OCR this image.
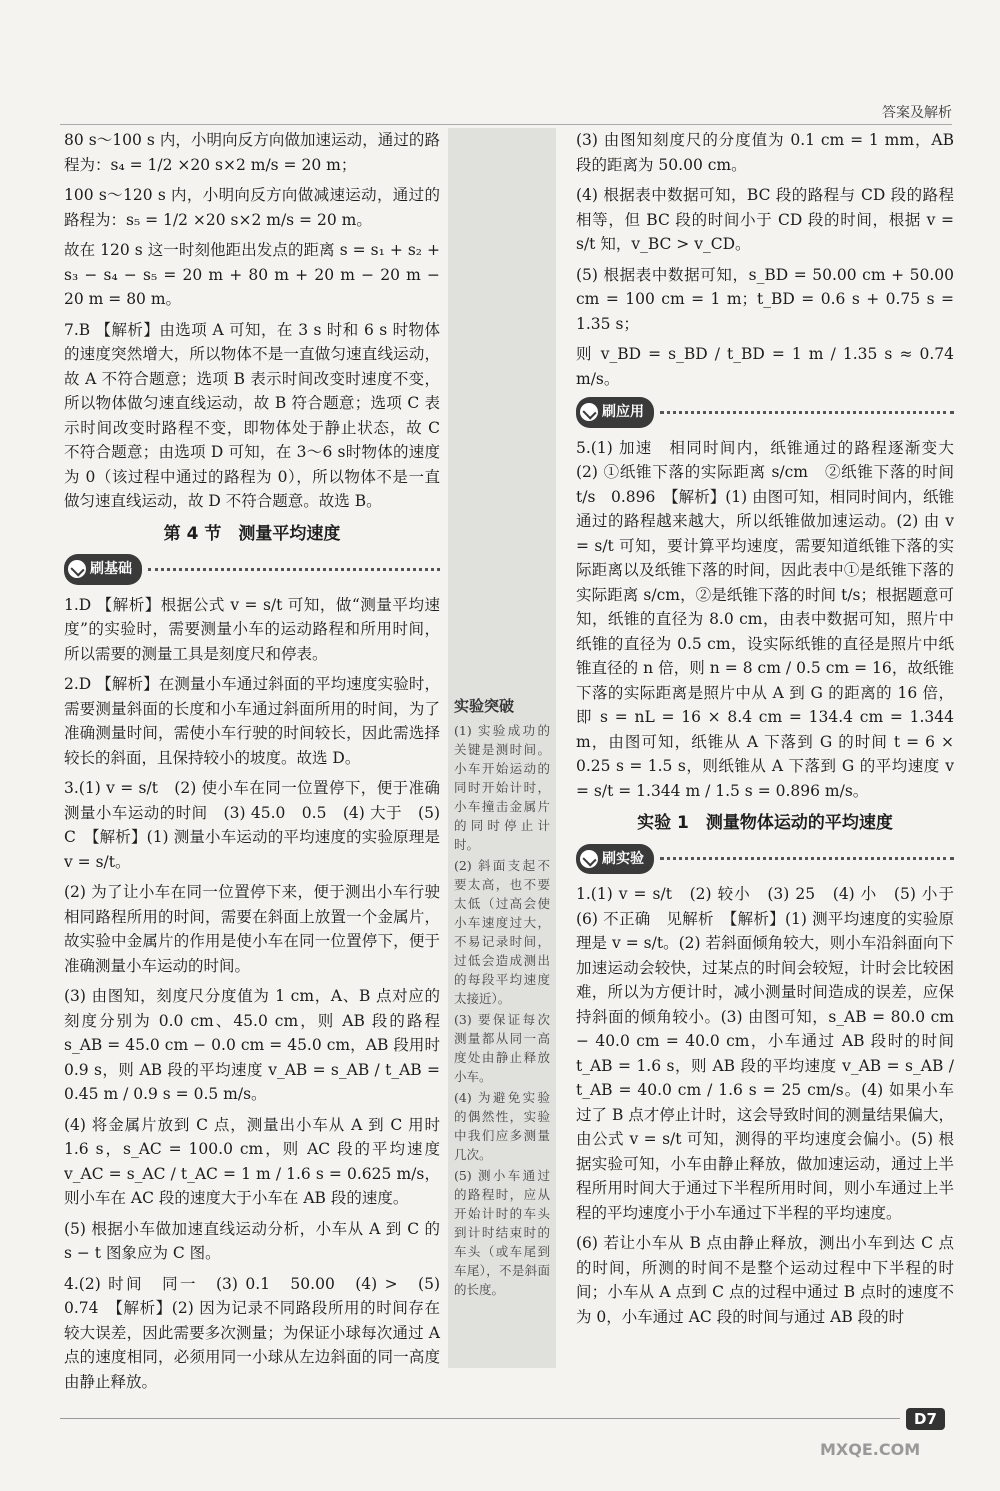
答案及解析

80 s～100 s 内，小明向反方向做加速运动，通过的路程为：s₄ = 1/2 ×20 s×2 m/s = 20 m；

100 s～120 s 内，小明向反方向做减速运动，通过的路程为：s₅ = 1/2 ×20 s×2 m/s = 20 m。

故在 120 s 这一时刻他距出发点的距离 s = s₁ + s₂ + s₃ − s₄ − s₅ = 20 m + 80 m + 20 m − 20 m − 20 m = 80 m。

7.B 【解析】由选项 A 可知，在 3 s 时和 6 s 时物体的速度突然增大，所以物体不是一直做匀速直线运动，故 A 不符合题意；选项 B 表示时间改变时速度不变，所以物体做匀速直线运动，故 B 符合题意；选项 C 表示时间改变时路程不变，即物体处于静止状态，故 C 不符合题意；由选项 D 可知，在 3～6 s时物体的速度为 0（该过程中通过的路程为 0），所以物体不是一直做匀速直线运动，故 D 不符合题意。故选 B。

第 4 节　测量平均速度
刷基础

1.D 【解析】根据公式 v = s/t 可知，做“测量平均速度”的实验时，需要测量小车的运动路程和所用时间，所以需要的测量工具是刻度尺和停表。

2.D 【解析】在测量小车通过斜面的平均速度实验时，需要测量斜面的长度和小车通过斜面所用的时间，为了准确测量时间，需使小车行驶的时间较长，因此需选择较长的斜面，且保持较小的坡度。故选 D。

3.(1) v = s/t　(2) 使小车在同一位置停下，便于准确测量小车运动的时间　(3) 45.0　0.5　(4) 大于　(5) C　【解析】(1) 测量小车运动的平均速度的实验原理是 v = s/t。

(2) 为了让小车在同一位置停下来，便于测出小车行驶相同路程所用的时间，需要在斜面上放置一个金属片，故实验中金属片的作用是使小车在同一位置停下，便于准确测量小车运动的时间。

(3) 由图知，刻度尺分度值为 1 cm，A、B 点对应的刻度分别为 0.0 cm、45.0 cm，则 AB 段的路程 s_AB = 45.0 cm − 0.0 cm = 45.0 cm，AB 段用时 0.9 s，则 AB 段的平均速度 v_AB = s_AB / t_AB = 0.45 m / 0.9 s = 0.5 m/s。

(4) 将金属片放到 C 点，测量出小车从 A 到 C 用时 1.6 s，s_AC = 100.0 cm，则 AC 段的平均速度 v_AC = s_AC / t_AC = 1 m / 1.6 s = 0.625 m/s，则小车在 AC 段的速度大于小车在 AB 段的速度。

(5) 根据小车做加速直线运动分析，小车从 A 到 C 的 s − t 图象应为 C 图。

4.(2) 时间　同一　(3) 0.1　50.00　(4) >　(5) 0.74　【解析】(2) 因为记录不同路段所用的时间存在较大误差，因此需要多次测量；为保证小球每次通过 A 点的速度相同，必须用同一小球从左边斜面的同一高度由静止释放。

实验突破

(1) 实验成功的关键是测时间。小车开始运动的同时开始计时，小车撞击金属片的同时停止计时。

(2) 斜面支起不要太高，也不要太低（过高会使小车速度过大，不易记录时间，过低会造成测出的每段平均速度太接近）。

(3) 要保证每次测量都从同一高度处由静止释放小车。

(4) 为避免实验的偶然性，实验中我们应多测量几次。

(5) 测小车通过的路程时，应从开始计时的车头到计时结束时的车头（或车尾到车尾），不是斜面的长度。

(3) 由图知刻度尺的分度值为 0.1 cm = 1 mm，AB 段的距离为 50.00 cm。

(4) 根据表中数据可知，BC 段的路程与 CD 段的路程相等，但 BC 段的时间小于 CD 段的时间，根据 v = s/t 知，v_BC > v_CD。

(5) 根据表中数据可知，s_BD = 50.00 cm + 50.00 cm = 100 cm = 1 m；t_BD = 0.6 s + 0.75 s = 1.35 s；

则 v_BD = s_BD / t_BD = 1 m / 1.35 s ≈ 0.74 m/s。

刷应用

5.(1) 加速　相同时间内，纸锥通过的路程逐渐变大　(2) ①纸锥下落的实际距离 s/cm　②纸锥下落的时间 t/s　0.896　【解析】(1) 由图可知，相同时间内，纸锥通过的路程越来越大，所以纸锥做加速运动。(2) 由 v = s/t 可知，要计算平均速度，需要知道纸锥下落的实际距离以及纸锥下落的时间，因此表中①是纸锥下落的实际距离 s/cm，②是纸锥下落的时间 t/s；根据题意可知，纸锥的直径为 8.0 cm，由表中数据可知，照片中纸锥的直径为 0.5 cm，设实际纸锥的直径是照片中纸锥直径的 n 倍，则 n = 8 cm / 0.5 cm = 16，故纸锥下落的实际距离是照片中从 A 到 G 的距离的 16 倍，即 s = nL = 16 × 8.4 cm = 134.4 cm = 1.344 m，由图可知，纸锥从 A 下落到 G 的时间 t = 6 × 0.25 s = 1.5 s，则纸锥从 A 下落到 G 的平均速度 v = s/t = 1.344 m / 1.5 s = 0.896 m/s。

实验 1　测量物体运动的平均速度
刷实验

1.(1) v = s/t　(2) 较小　(3) 25　(4) 小　(5) 小于　(6) 不正确　见解析　【解析】(1) 测平均速度的实验原理是 v = s/t。(2) 若斜面倾角较大，则小车沿斜面向下加速运动会较快，过某点的时间会较短，计时会比较困难，所以为方便计时，减小测量时间造成的误差，应保持斜面的倾角较小。(3) 由图可知，s_AB = 80.0 cm − 40.0 cm = 40.0 cm，小车通过 AB 段时的时间 t_AB = 1.6 s，则 AB 段的平均速度 v_AB = s_AB / t_AB = 40.0 cm / 1.6 s = 25 cm/s。(4) 如果小车过了 B 点才停止计时，这会导致时间的测量结果偏大，由公式 v = s/t 可知，测得的平均速度会偏小。(5) 根据实验可知，小车由静止释放，做加速运动，通过上半程所用时间大于通过下半程所用时间，则小车通过上半程的平均速度小于小车通过下半程的平均速度。

(6) 若让小车从 B 点由静止释放，测出小车到达 C 点的时间，所测的时间不是整个运动过程中下半程的时间；小车从 A 点到 C 点的过程中通过 B 点时的速度不为 0，小车通过 AC 段的时间与通过 AB 段的时

D7
MXQE.COM
